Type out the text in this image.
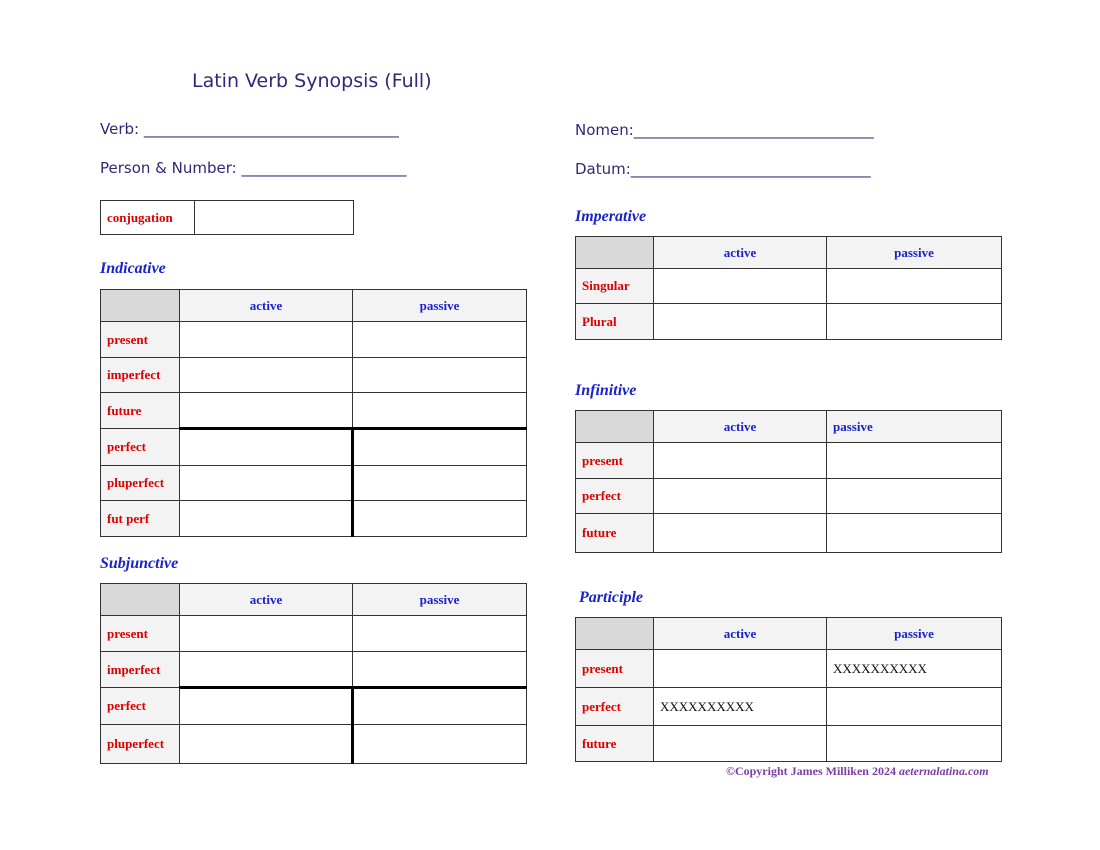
Latin Verb Synopsis (Full)
Verb: __________________________________
Person & Number: ______________________
Nomen:________________________________
Datum:________________________________
conjugation	
Indicative
	active	passive
present		
imperfect		
future		
perfect		
pluperfect		
fut perf		
Subjunctive
	active	passive
present		
imperfect		
perfect		
pluperfect		
Imperative
	active	passive
Singular		
Plural		
Infinitive
	active	passive
present		
perfect		
future		
Participle
	active	passive
present		XXXXXXXXXX
perfect	XXXXXXXXXX	
future		
©Copyright James Milliken 2024 aeternalatina.com
